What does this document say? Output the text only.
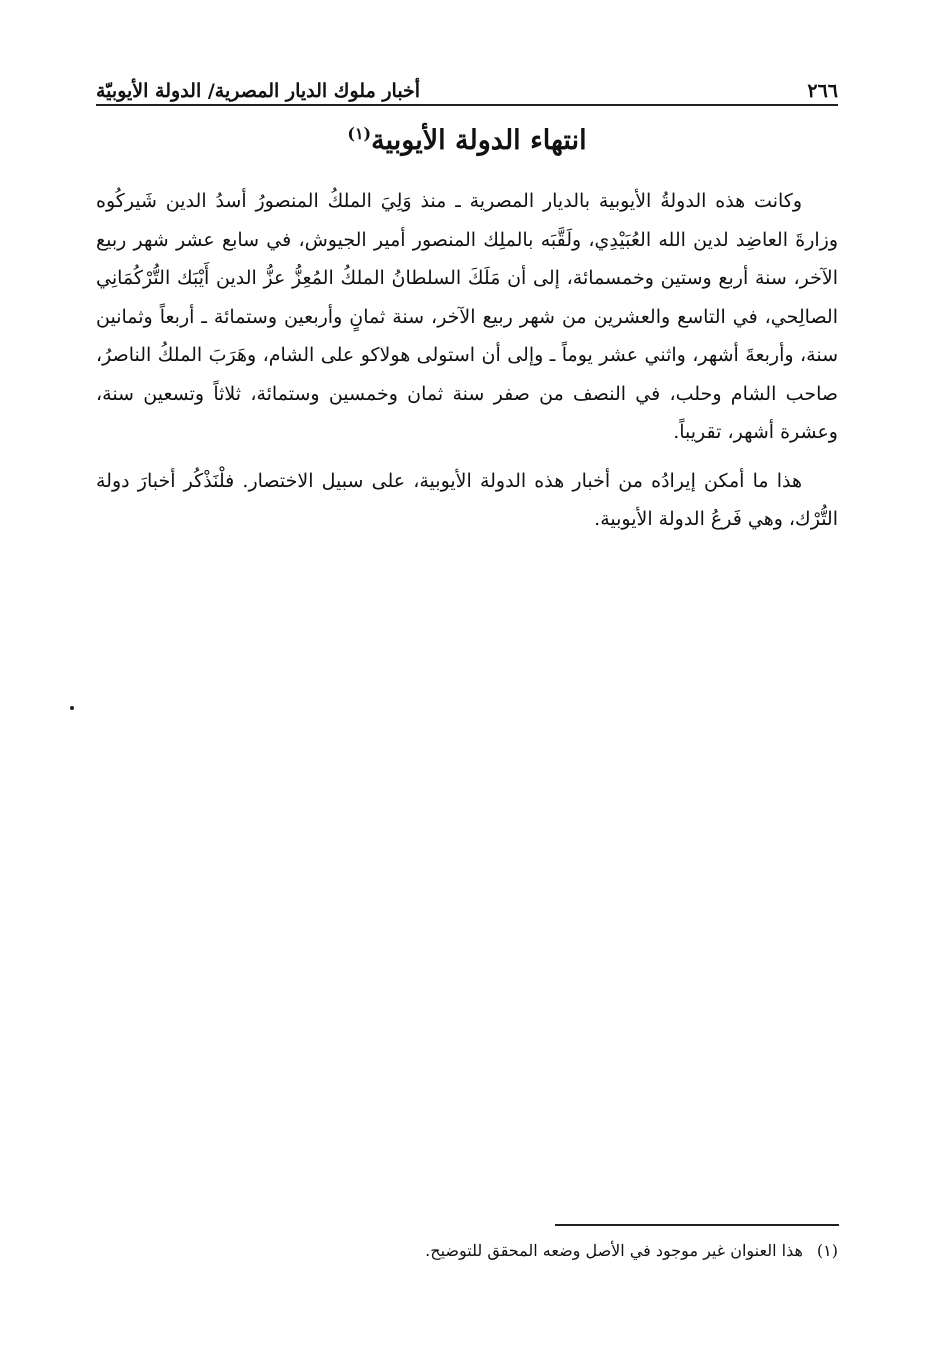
٢٦٦
أخبار ملوك الديار المصرية/ الدولة الأيوبيّة
انتهاء الدولة الأيوبية$^{(١)}$

وكانت هذه الدولةُ الأيوبية بالديار المصرية ـ منذ وَلِيَ الملكُ المنصورُ أسدُ الدين شَيركُوه وزارةَ العاضِد لدين الله العُبَيْدِي، ولَقَّبَه بالملِك المنصور أمير الجيوش، في سابع عشر شهر ربيع الآخر، سنة أربع وستين وخمسمائة، إلى أن مَلَكَ السلطانُ الملكُ المُعِزُّ عزُّ الدين أَيْبَك التُّرْكُمَانِي الصالِحي، في التاسع والعشرين من شهر ربيع الآخر، سنة ثمانٍ وأربعين وستمائة ـ أربعاً وثمانين سنة، وأربعةَ أشهر، واثني عشر يوماً ـ وإلى أن استولى هولاكو على الشام، وهَرَبَ الملكُ الناصرُ، صاحب الشام وحلب، في النصف من صفر سنة ثمان وخمسين وستمائة، ثلاثاً وتسعين سنة، وعشرة أشهر، تقريباً.

هذا ما أمكن إيرادُه من أخبار هذه الدولة الأيوبية، على سبيل الاختصار. فلْنَذْكُر أخبارَ دولة التُّرْك، وهي فَرعُ الدولة الأيوبية.

(١)هذا العنوان غير موجود في الأصل وضعه المحقق للتوضيح.
